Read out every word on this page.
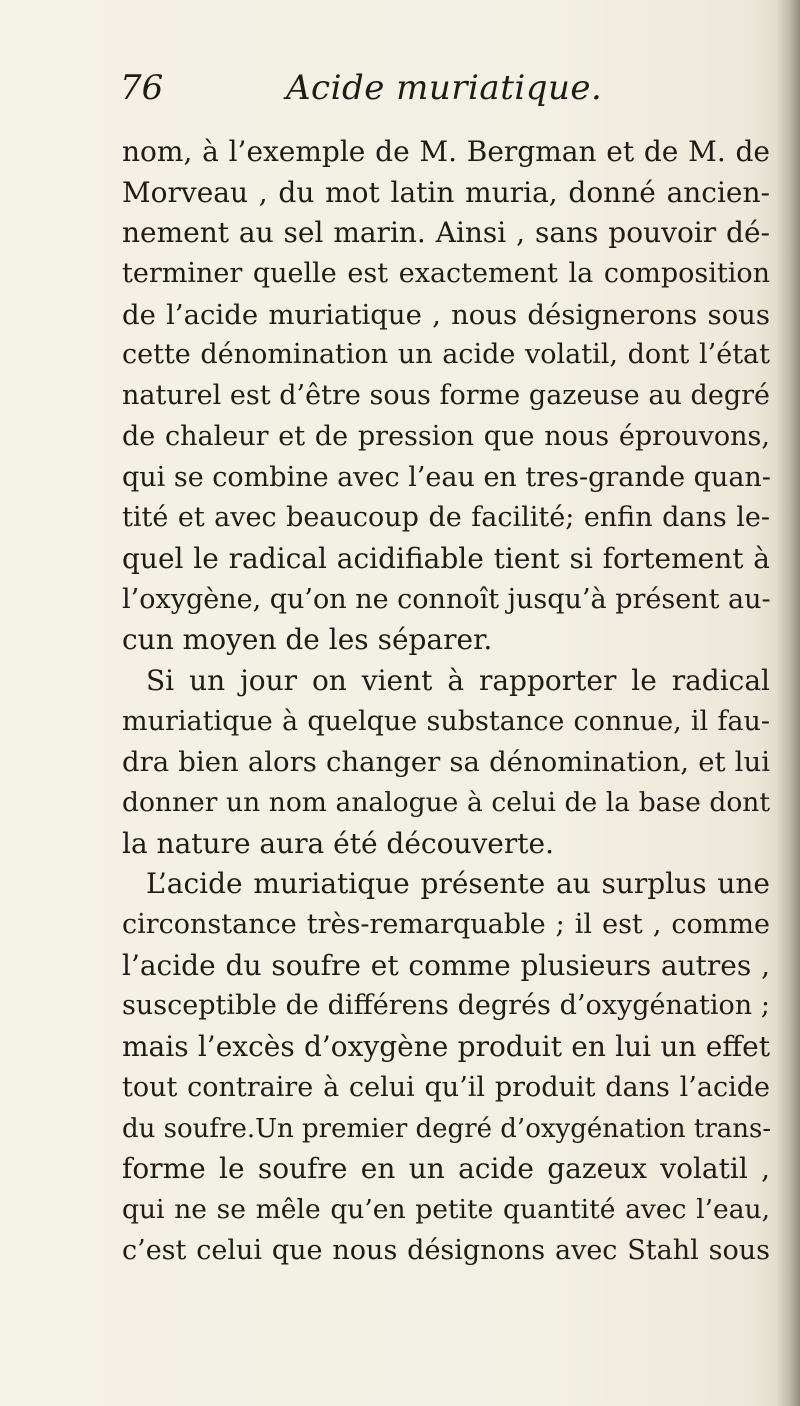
76	Acide muriatique.
nom, à l’exemple de M. Bergman et de M. de
Morveau , du mot latin muria, donné ancien-
nement au sel marin. Ainsi , sans pouvoir dé-
terminer quelle est exactement la composition
de l’acide muriatique , nous désignerons sous
cette dénomination un acide volatil, dont l’état
naturel est d’être sous forme gazeuse au degré
de chaleur et de pression que nous éprouvons,
qui se combine avec l’eau en tres-grande quan-
tité et avec beaucoup de facilité; enfin dans le-
quel le radical acidifiable tient si fortement à
l’oxygène, qu’on ne connoît jusqu’à présent au-
cun moyen de les séparer.
Si un jour on vient à rapporter le radical
muriatique à quelque substance connue, il fau-
dra bien alors changer sa dénomination, et lui
donner un nom analogue à celui de la base dont
la nature aura été découverte.
L’acide muriatique présente au surplus une
circonstance très-remarquable ; il est , comme
l’acide du soufre et comme plusieurs autres ,
susceptible de différens degrés d’oxygénation ;
mais l’excès d’oxygène produit en lui un effet
tout contraire à celui qu’il produit dans l’acide
du soufre.Un premier degré d’oxygénation trans-
forme le soufre en un acide gazeux volatil ,
qui ne se mêle qu’en petite quantité avec l’eau,
c’est celui que nous désignons avec Stahl sous
